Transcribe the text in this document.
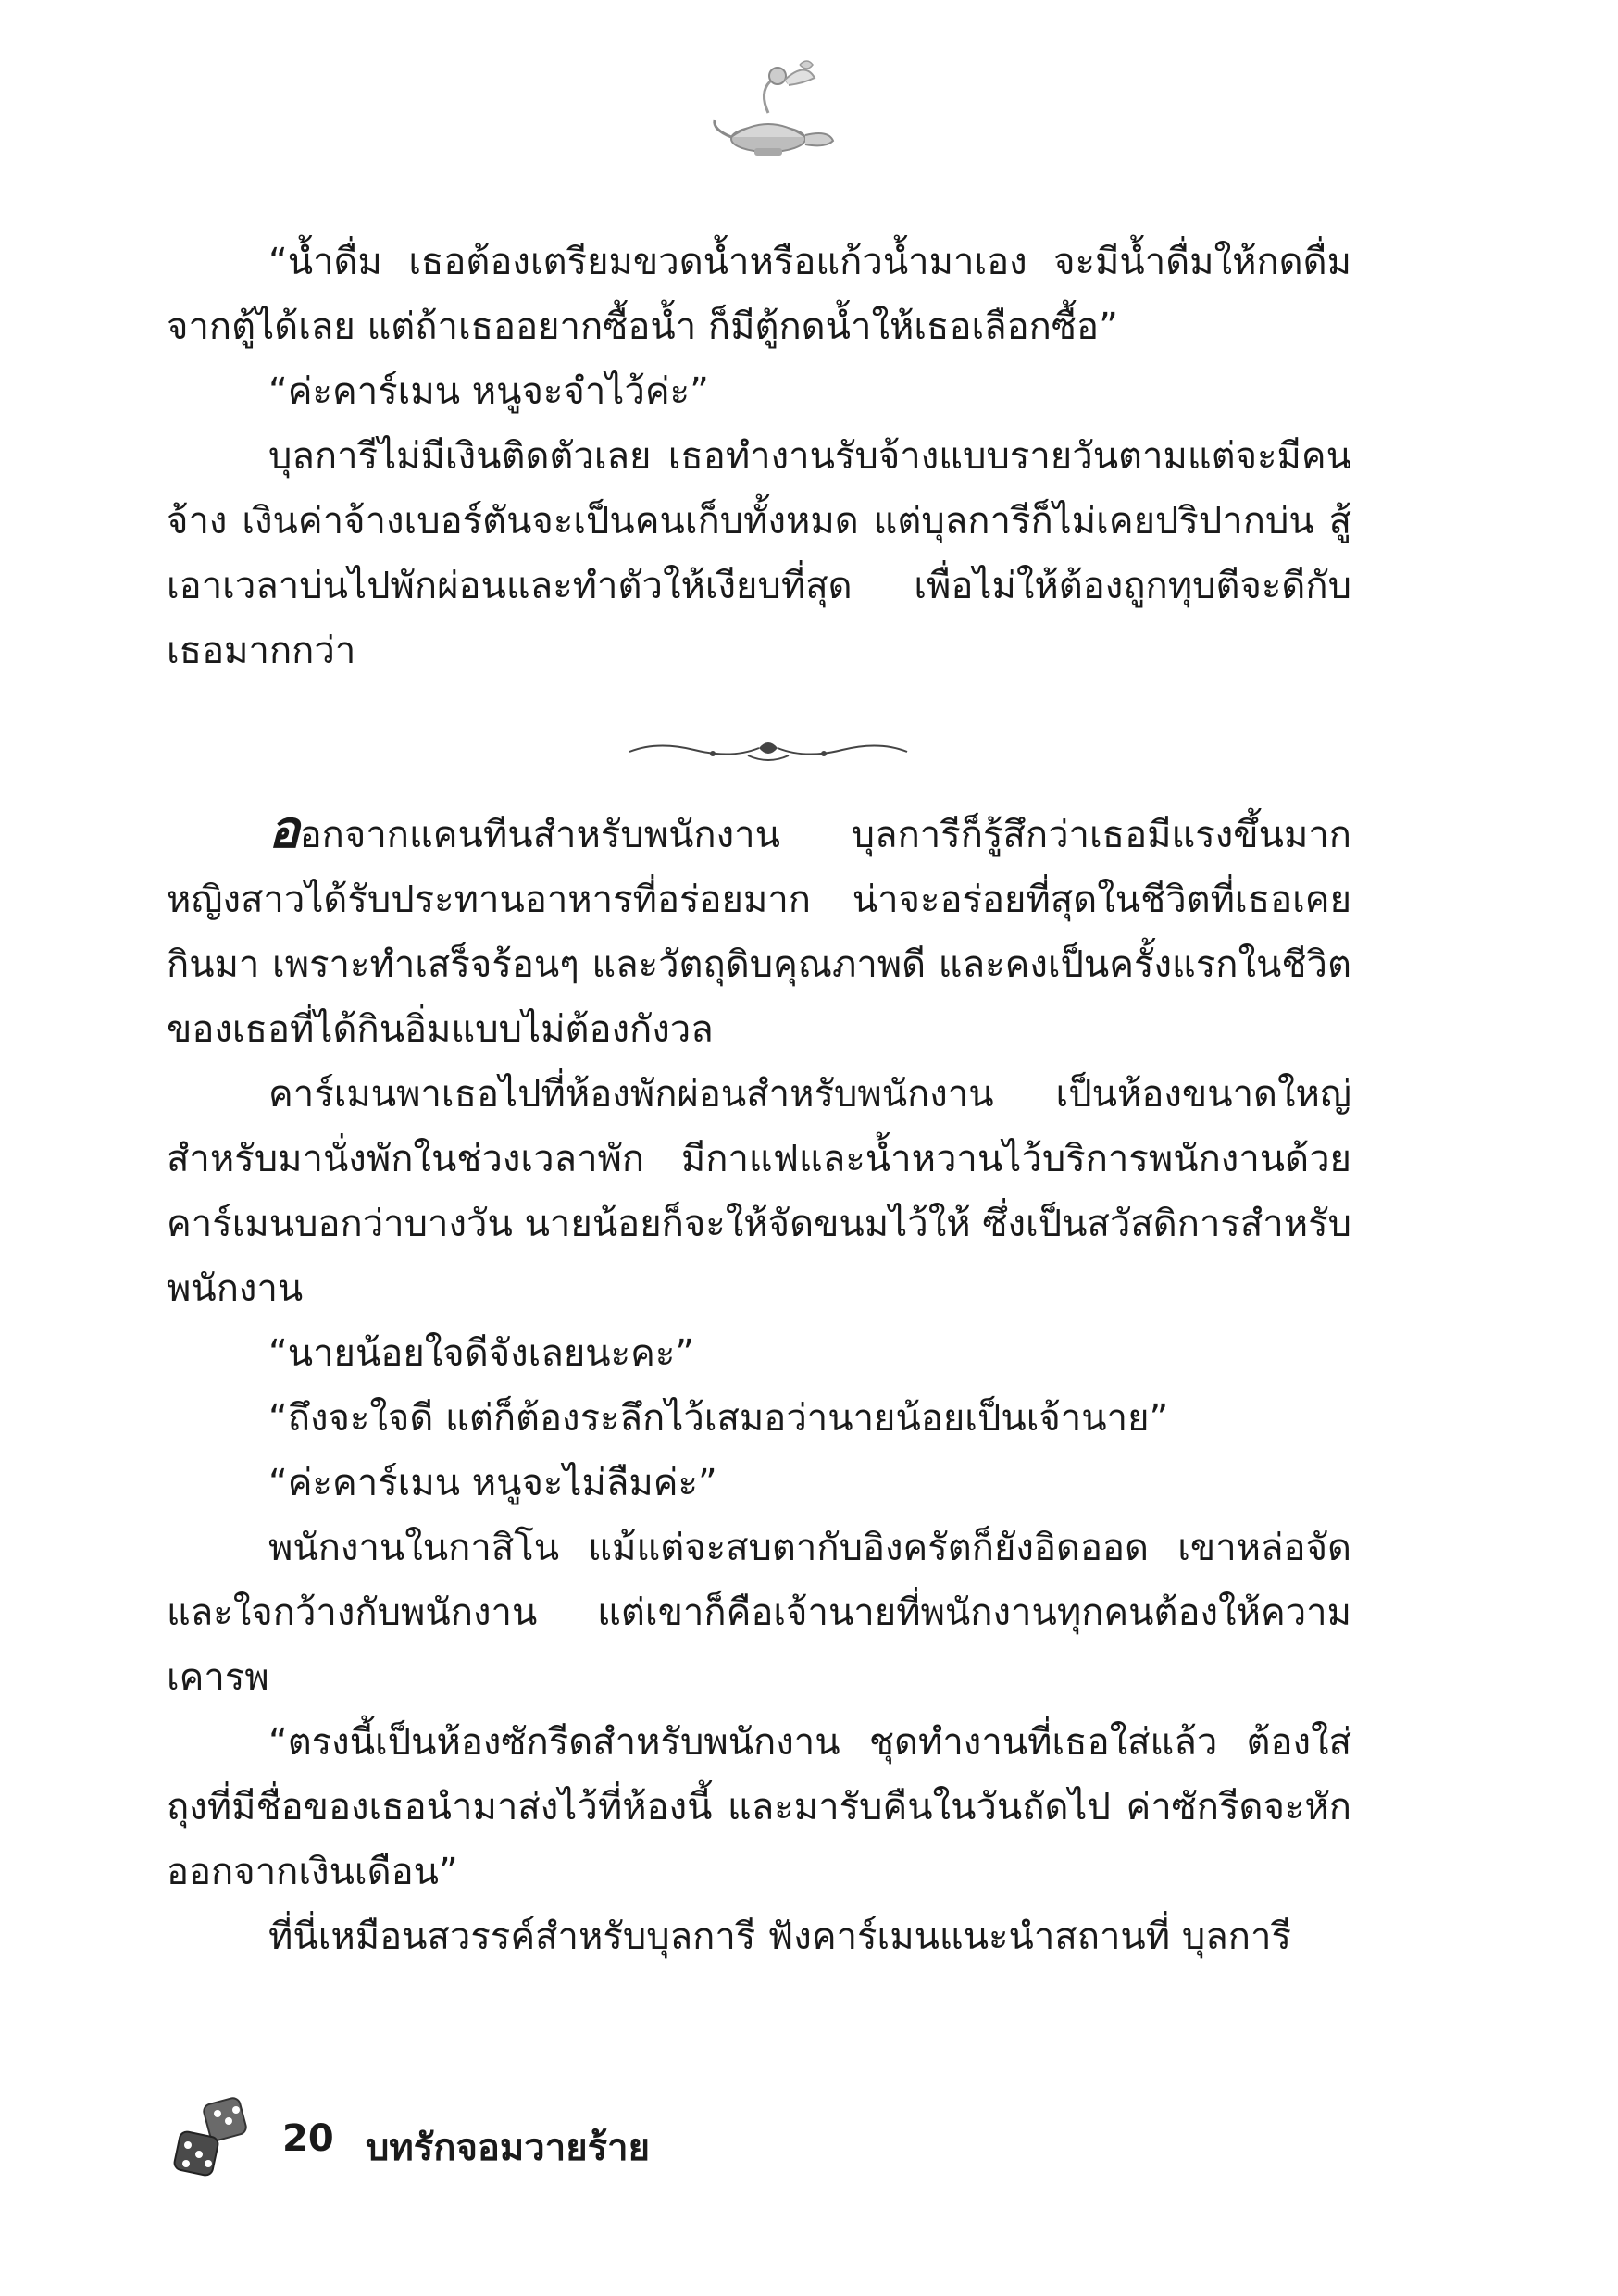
“น้ำดื่ม เธอต้องเตรียมขวดน้ำหรือแก้วน้ำมาเอง จะมีน้ำดื่มให้กดดื่มจากตู้ได้เลย แต่ถ้าเธออยากซื้อน้ำ ก็มีตู้กดน้ำให้เธอเลือกซื้อ”

“ค่ะคาร์เมน หนูจะจำไว้ค่ะ”

บุลการีไม่มีเงินติดตัวเลย เธอทำงานรับจ้างแบบรายวันตามแต่จะมีคนจ้าง เงินค่าจ้างเบอร์ตันจะเป็นคนเก็บทั้งหมด แต่บุลการีก็ไม่เคยปริปากบ่น สู้เอาเวลาบ่นไปพักผ่อนและทำตัวให้เงียบที่สุด เพื่อไม่ให้ต้องถูกทุบตีจะดีกับเธอมากกว่า

ออกจากแคนทีนสำหรับพนักงาน บุลการีก็รู้สึกว่าเธอมีแรงขึ้นมาก หญิงสาวได้รับประทานอาหารที่อร่อยมาก น่าจะอร่อยที่สุดในชีวิตที่เธอเคยกินมา เพราะทำเสร็จร้อนๆ และวัตถุดิบคุณภาพดี และคงเป็นครั้งแรกในชีวิตของเธอที่ได้กินอิ่มแบบไม่ต้องกังวล

คาร์เมนพาเธอไปที่ห้องพักผ่อนสำหรับพนักงาน เป็นห้องขนาดใหญ่สำหรับมานั่งพักในช่วงเวลาพัก มีกาแฟและน้ำหวานไว้บริการพนักงานด้วย คาร์เมนบอกว่าบางวัน นายน้อยก็จะให้จัดขนมไว้ให้ ซึ่งเป็นสวัสดิการสำหรับพนักงาน

“นายน้อยใจดีจังเลยนะคะ”

“ถึงจะใจดี แต่ก็ต้องระลึกไว้เสมอว่านายน้อยเป็นเจ้านาย”

“ค่ะคาร์เมน หนูจะไม่ลืมค่ะ”

พนักงานในกาสิโน แม้แต่จะสบตากับอิงครัตก็ยังอิดออด เขาหล่อจัดและใจกว้างกับพนักงาน แต่เขาก็คือเจ้านายที่พนักงานทุกคนต้องให้ความเคารพ

“ตรงนี้เป็นห้องซักรีดสำหรับพนักงาน ชุดทำงานที่เธอใส่แล้ว ต้องใส่ถุงที่มีชื่อของเธอนำมาส่งไว้ที่ห้องนี้ และมารับคืนในวันถัดไป ค่าซักรีดจะหักออกจากเงินเดือน”

ที่นี่เหมือนสวรรค์สำหรับบุลการี ฟังคาร์เมนแนะนำสถานที่ บุลการี

20 บทรักจอมวายร้าย
